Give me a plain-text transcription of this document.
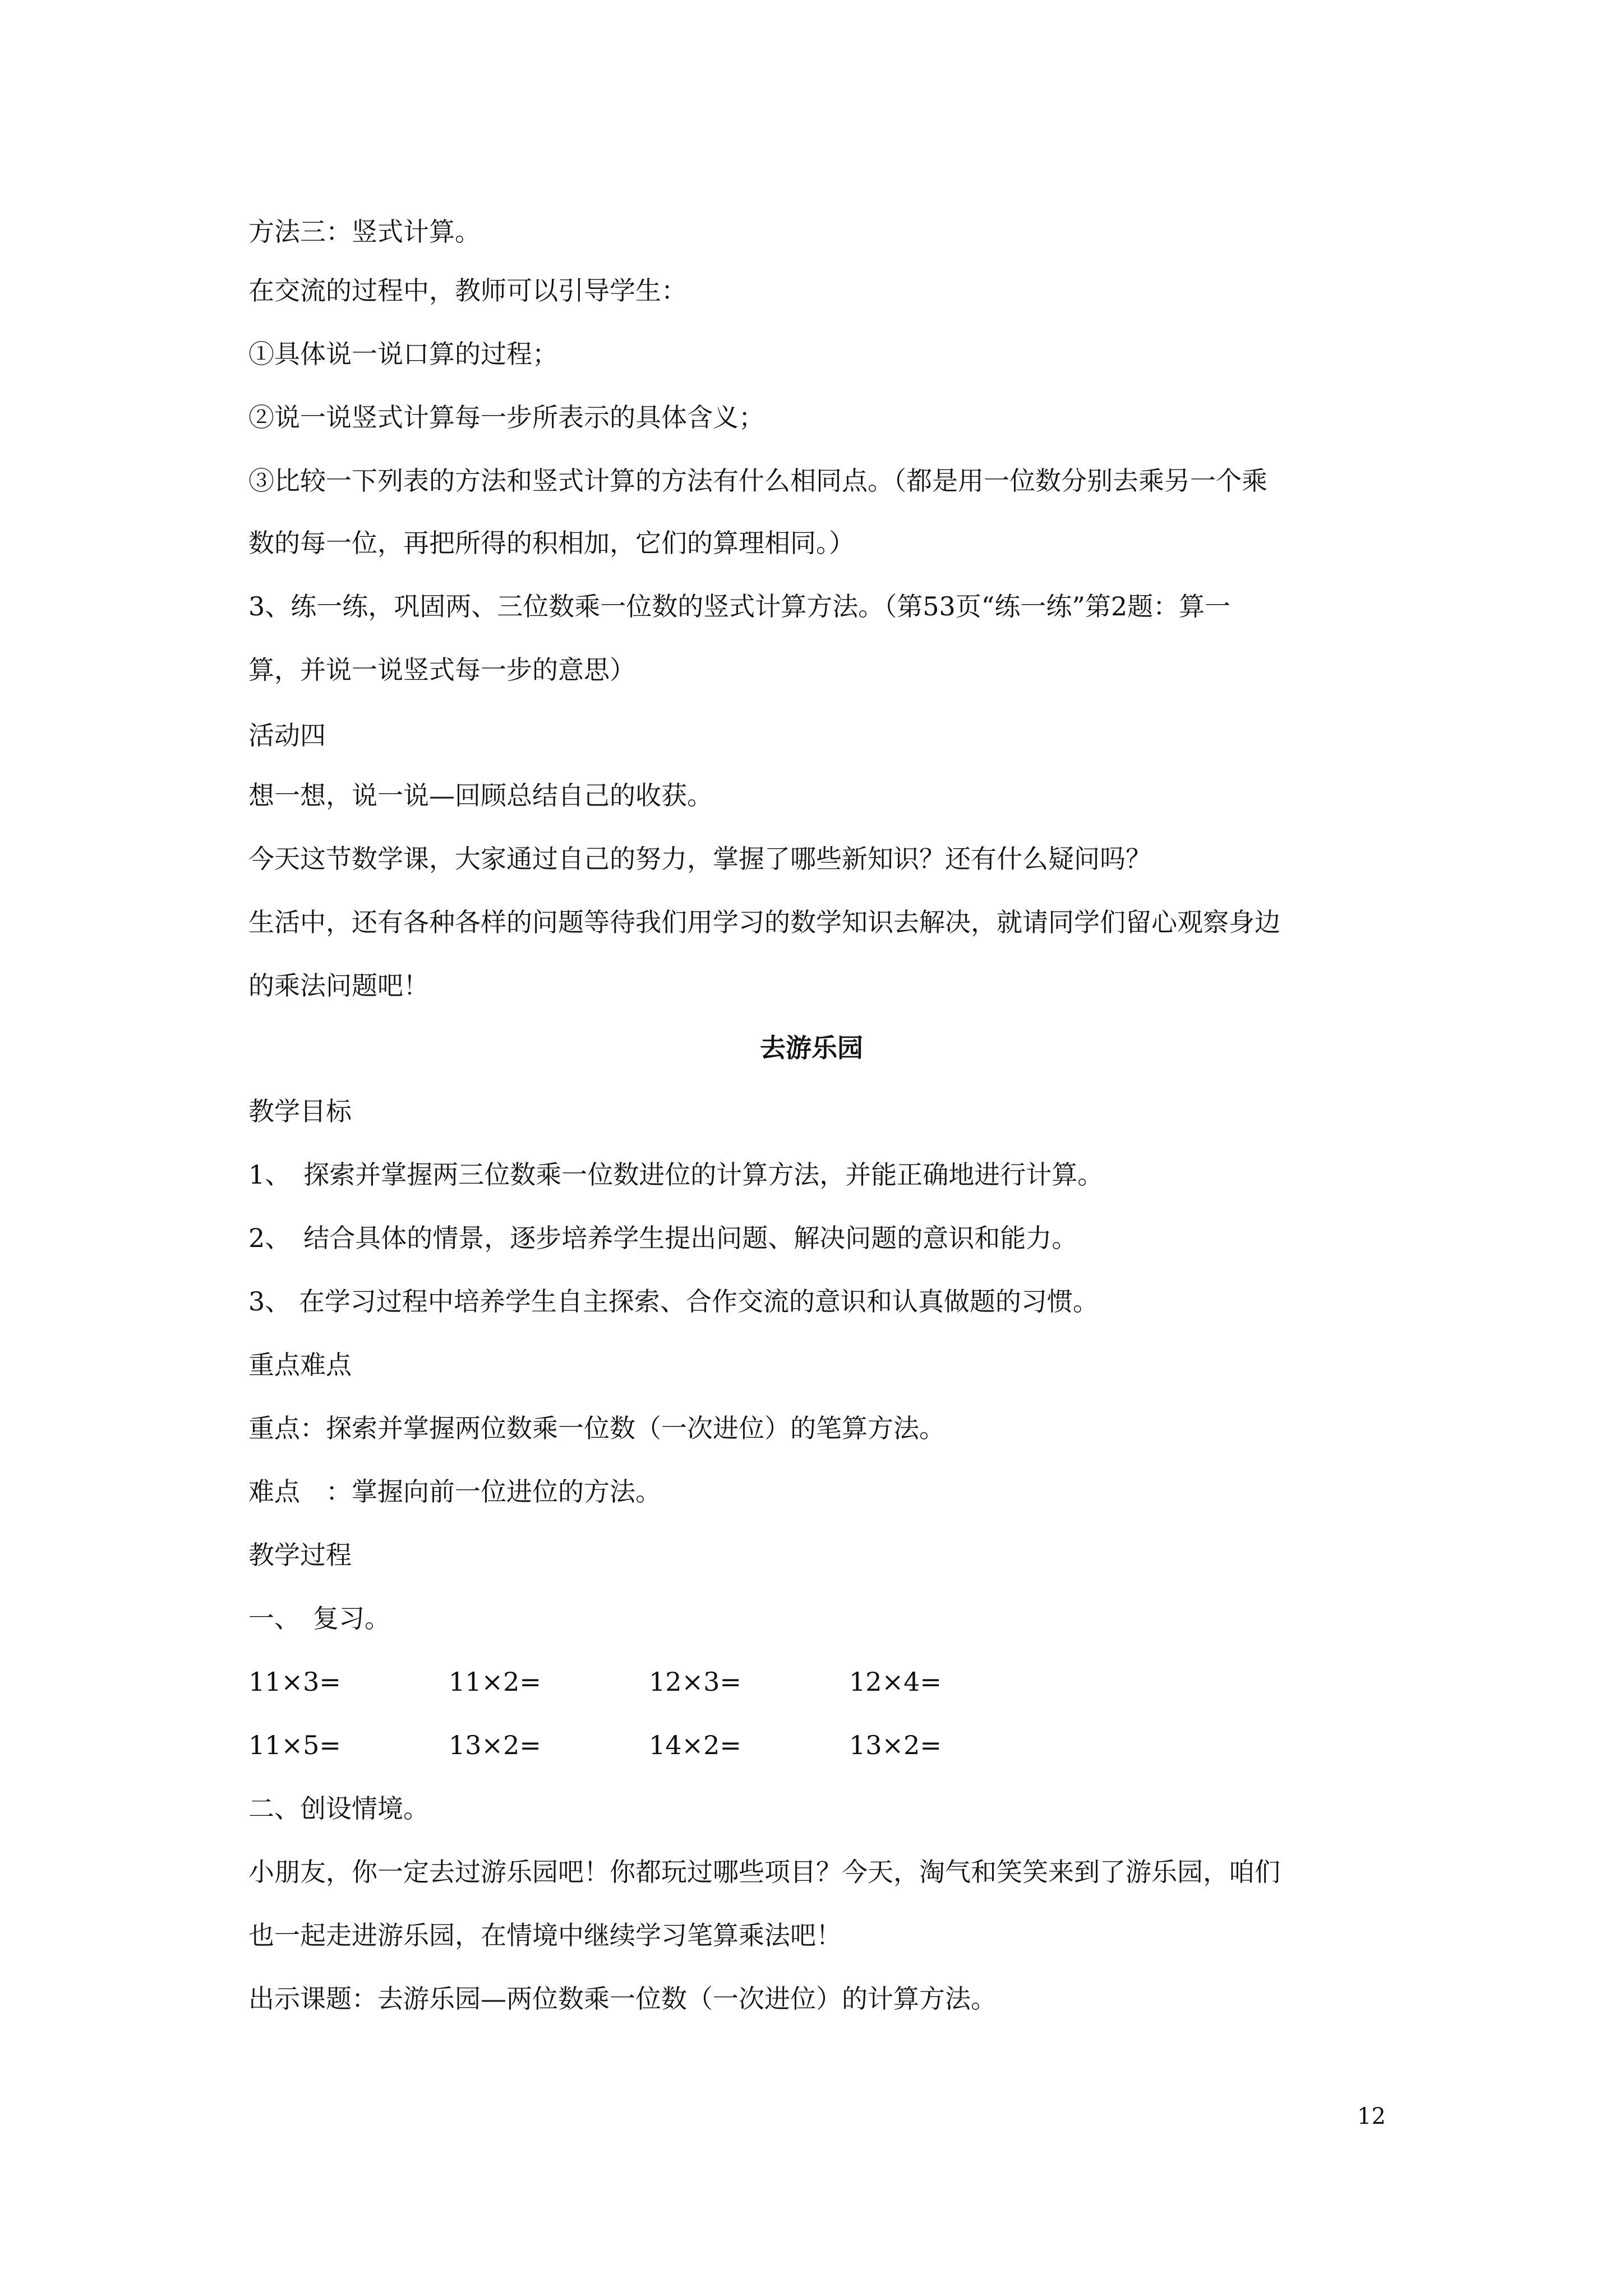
方法三：竖式计算。
在交流的过程中，教师可以引导学生：
①具体说一说口算的过程；
②说一说竖式计算每一步所表示的具体含义；
③比较一下列表的方法和竖式计算的方法有什么相同点。（都是用一位数分别去乘另一个乘
数的每一位，再把所得的积相加，它们的算理相同。）
3、练一练，巩固两、三位数乘一位数的竖式计算方法。（第53页“练一练”第2题：算一
算，并说一说竖式每一步的意思）
活动四
想一想，说一说—回顾总结自己的收获。
今天这节数学课，大家通过自己的努力，掌握了哪些新知识？还有什么疑问吗？
生活中，还有各种各样的问题等待我们用学习的数学知识去解决，就请同学们留心观察身边
的乘法问题吧！
去游乐园
教学目标
1、　探索并掌握两三位数乘一位数进位的计算方法，并能正确地进行计算。
2、　结合具体的情景，逐步培养学生提出问题、解决问题的意识和能力。
3、 在学习过程中培养学生自主探索、合作交流的意识和认真做题的习惯。
重点难点
重点：探索并掌握两位数乘一位数（一次进位）的笔算方法。
难点　：掌握向前一位进位的方法。
教学过程
一、　复习。
11×3=	11×2=	12×3=	12×4=
11×5=	13×2=	14×2=	13×2=
二、创设情境。
小朋友，你一定去过游乐园吧！你都玩过哪些项目？今天，淘气和笑笑来到了游乐园，咱们
也一起走进游乐园，在情境中继续学习笔算乘法吧！
出示课题：去游乐园—两位数乘一位数（一次进位）的计算方法。
12
